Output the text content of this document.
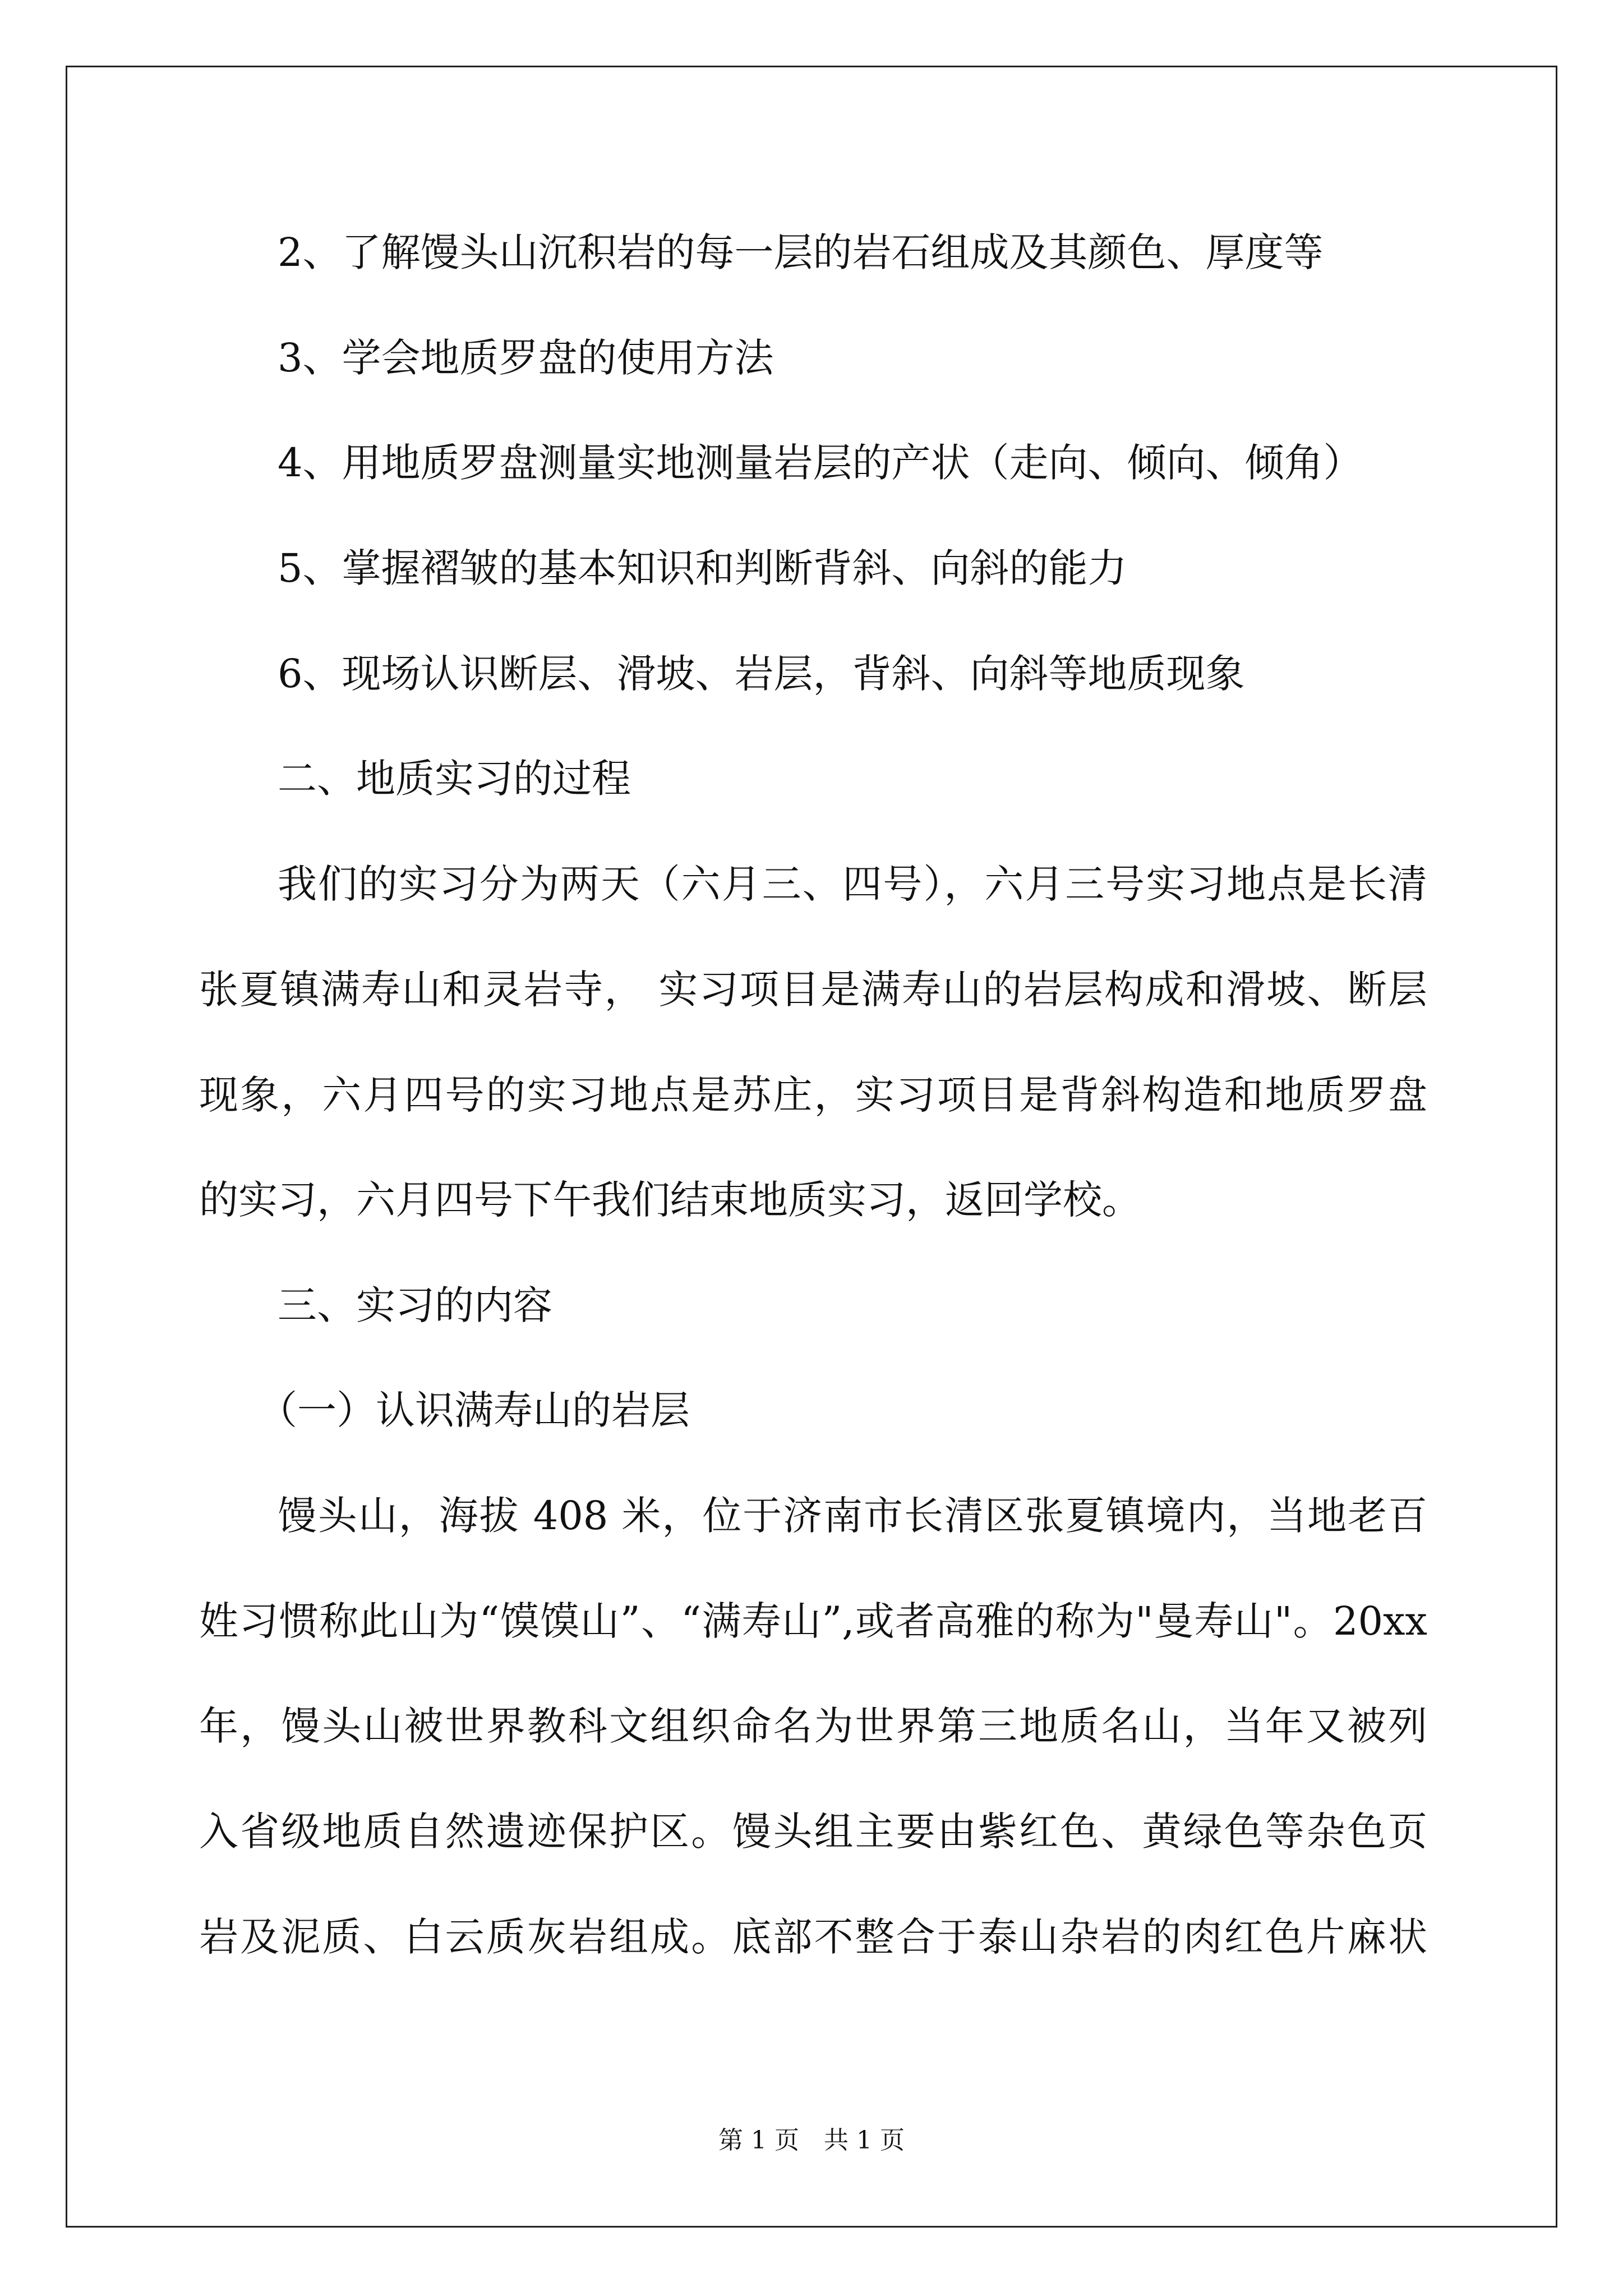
2、了解馒头山沉积岩的每一层的岩石组成及其颜色、厚度等
3、学会地质罗盘的使用方法
4、用地质罗盘测量实地测量岩层的产状（走向、倾向、倾角）
5、掌握褶皱的基本知识和判断背斜、向斜的能力
6、现场认识断层、滑坡、岩层，背斜、向斜等地质现象
二、地质实习的过程
我们的实习分为两天（六月三、四号），六月三号实习地点是长清
张夏镇满寿山和灵岩寺， 实习项目是满寿山的岩层构成和滑坡、断层
现象，六月四号的实习地点是苏庄，实习项目是背斜构造和地质罗盘
的实习，六月四号下午我们结束地质实习，返回学校。
三、实习的内容
（一）认识满寿山的岩层
馒头山，海拔 408 米，位于济南市长清区张夏镇境内，当地老百
姓习惯称此山为“馍馍山”、“满寿山”,或者高雅的称为"曼寿山"。20xx
年，馒头山被世界教科文组织命名为世界第三地质名山，当年又被列
入省级地质自然遗迹保护区。馒头组主要由紫红色、黄绿色等杂色页
岩及泥质、白云质灰岩组成。底部不整合于泰山杂岩的肉红色片麻状
第 1 页 共 1 页
